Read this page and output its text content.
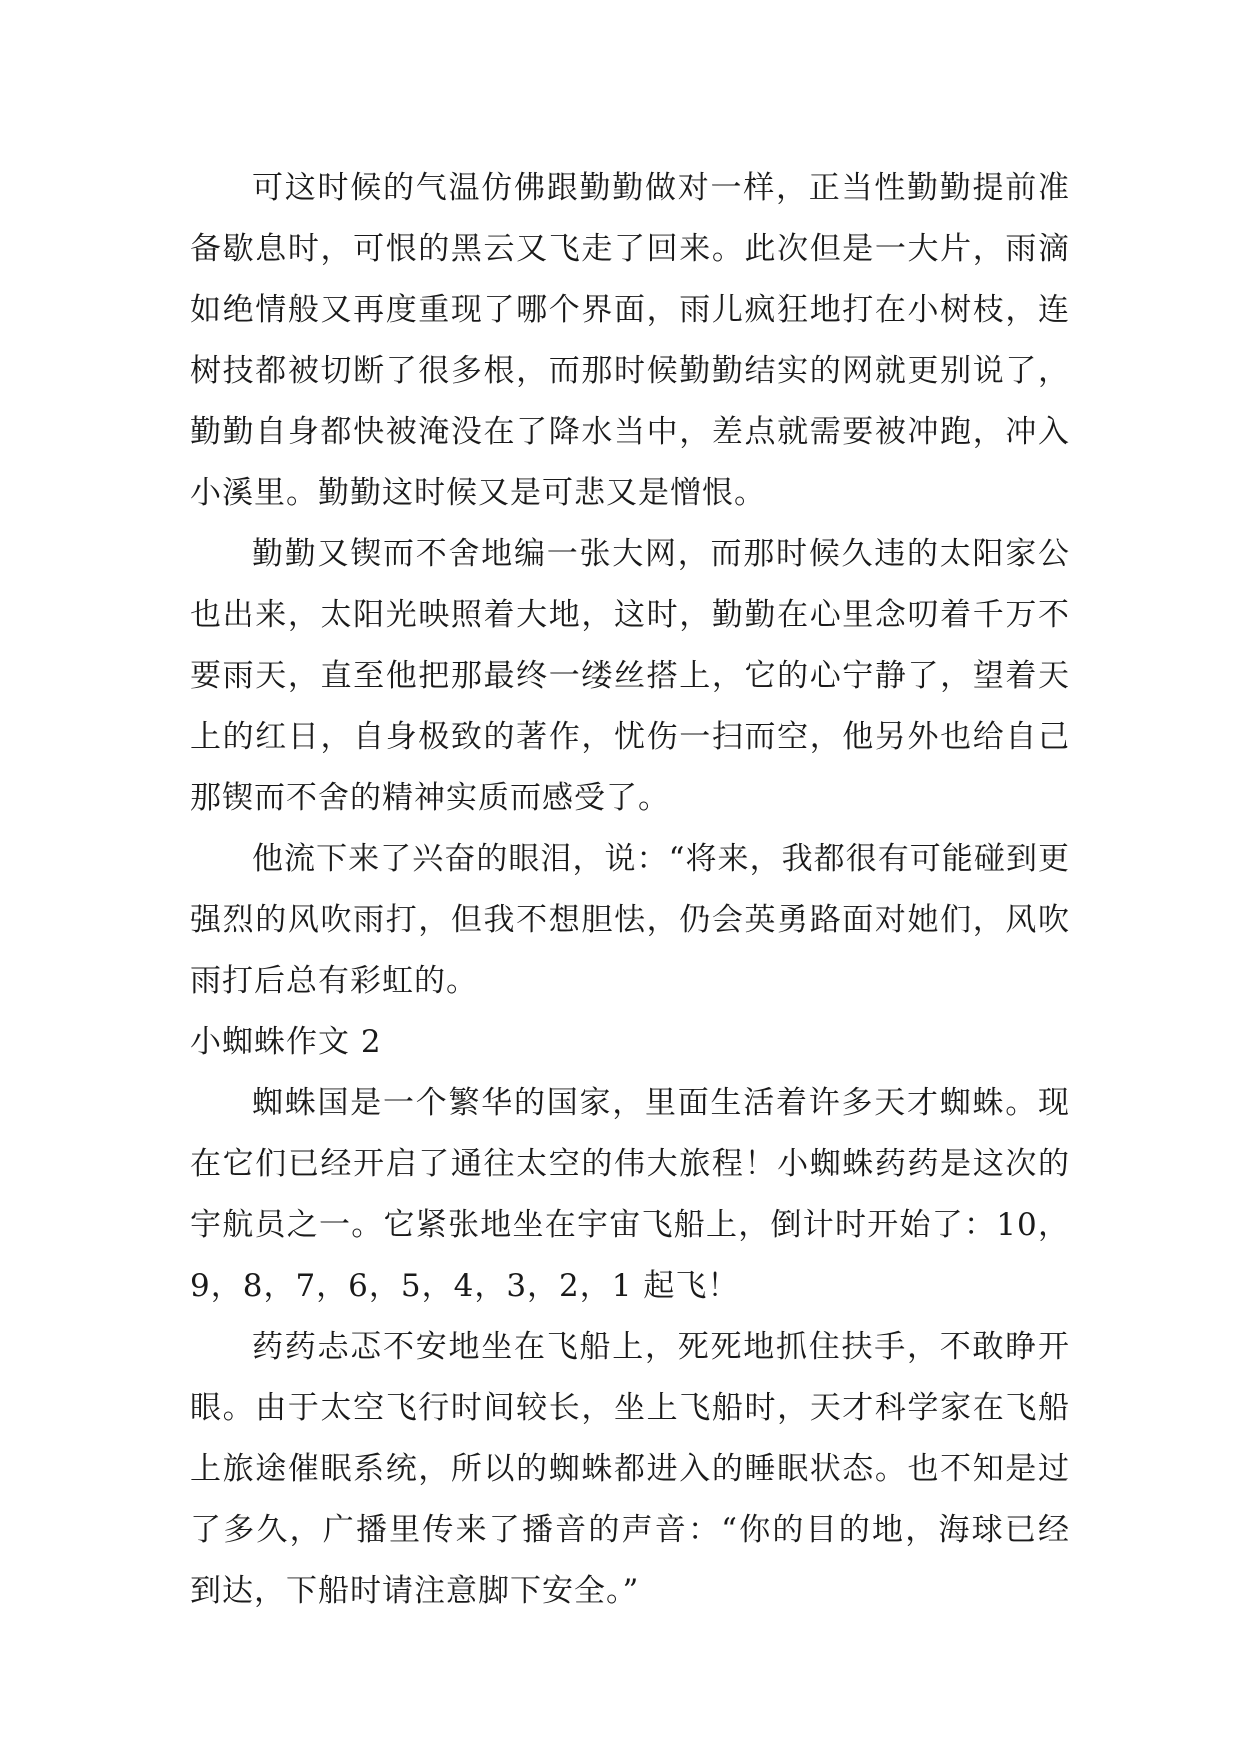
可这时候的气温仿佛跟勤勤做对一样，正当性勤勤提前准备歇息时，可恨的黑云又飞走了回来。此次但是一大片，雨滴如绝情般又再度重现了哪个界面，雨儿疯狂地打在小树枝，连树技都被切断了很多根，而那时候勤勤结实的网就更别说了，勤勤自身都快被淹没在了降水当中，差点就需要被冲跑，冲入小溪里。勤勤这时候又是可悲又是憎恨。

勤勤又锲而不舍地编一张大网，而那时候久违的太阳家公也出来，太阳光映照着大地，这时，勤勤在心里念叨着千万不要雨天，直至他把那最终一缕丝搭上，它的心宁静了，望着天上的红日，自身极致的著作，忧伤一扫而空，他另外也给自己那锲而不舍的精神实质而感受了。

他流下来了兴奋的眼泪，说：“将来，我都很有可能碰到更强烈的风吹雨打，但我不想胆怯，仍会英勇路面对她们，风吹雨打后总有彩虹的。

小蜘蛛作文 2

蜘蛛国是一个繁华的国家，里面生活着许多天才蜘蛛。现在它们已经开启了通往太空的伟大旅程！小蜘蛛药药是这次的宇航员之一。它紧张地坐在宇宙飞船上，倒计时开始了：10，9，8，7，6，5，4，3，2，1 起飞！

药药忐忑不安地坐在飞船上，死死地抓住扶手，不敢睁开眼。由于太空飞行时间较长，坐上飞船时，天才科学家在飞船上旅途催眠系统，所以的蜘蛛都进入的睡眠状态。也不知是过了多久，广播里传来了播音的声音：“你的目的地，海球已经到达，下船时请注意脚下安全。”
